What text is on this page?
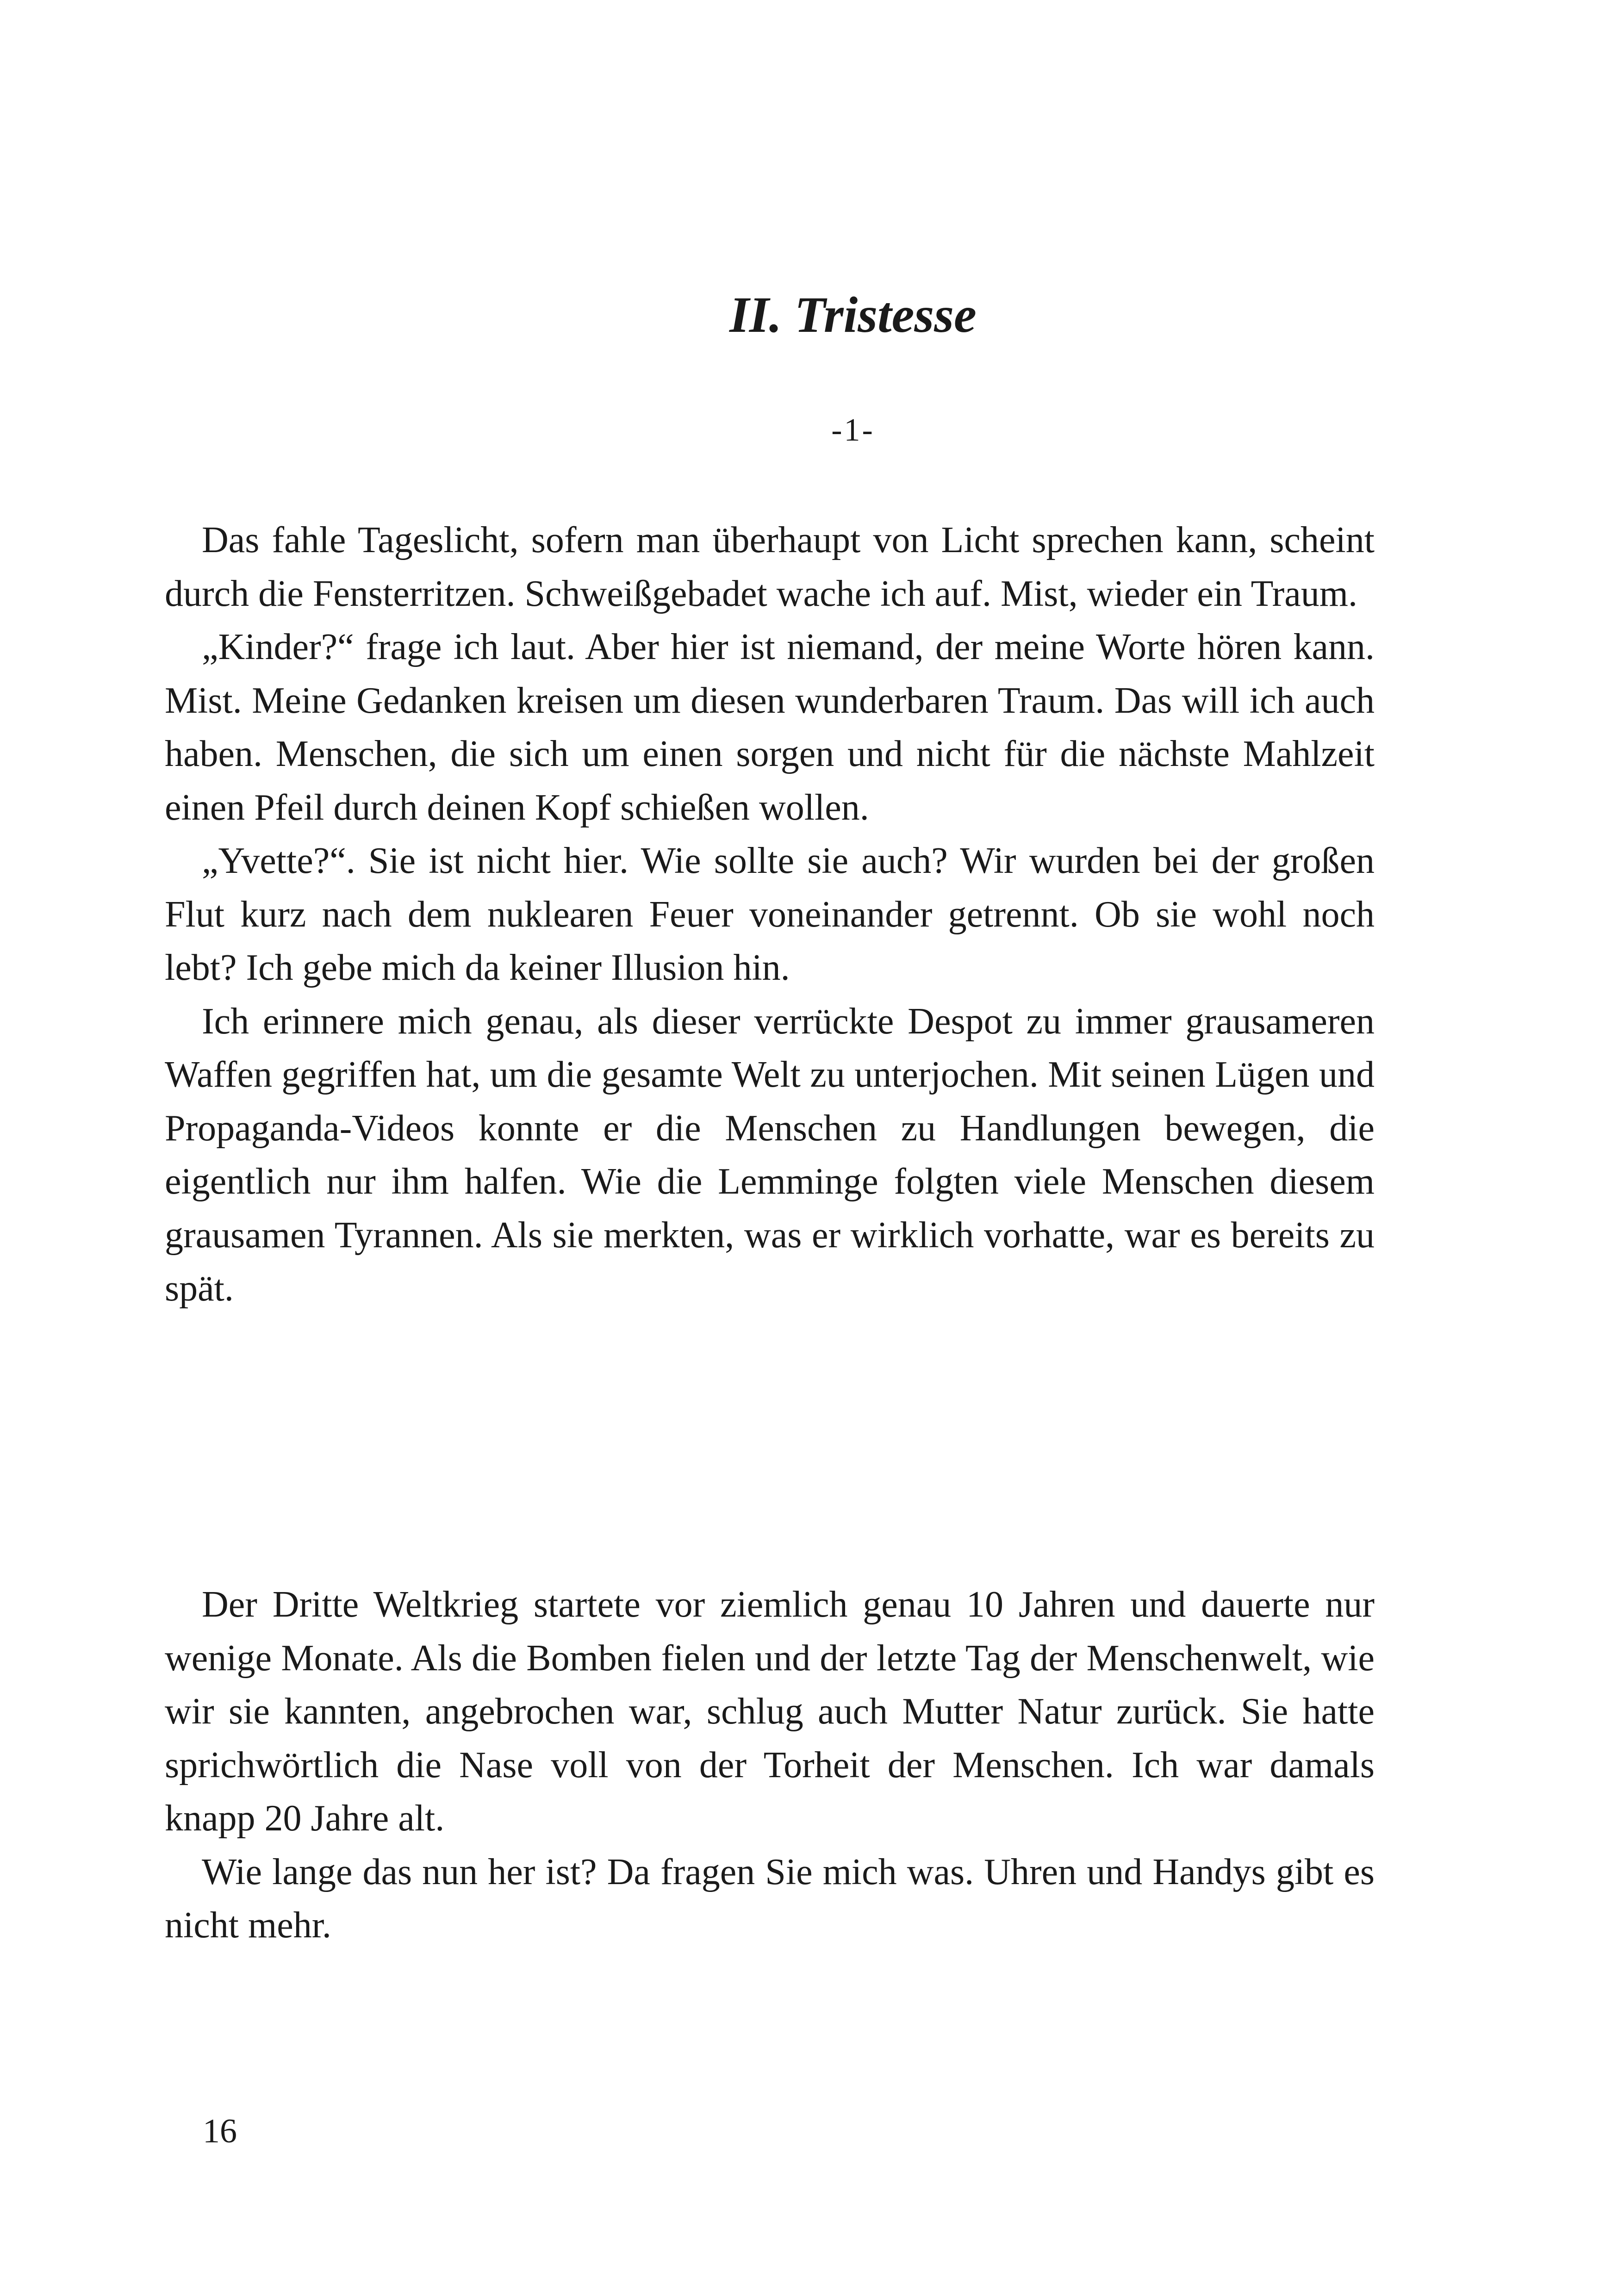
II. Tristesse
-1-

Das fahle Tageslicht, sofern man überhaupt von Licht sprechen kann, scheint durch die Fensterritzen. Schweißgebadet wache ich auf. Mist, wieder ein Traum.

„Kinder?“ frage ich laut. Aber hier ist niemand, der meine Worte hören kann. Mist. Meine Gedanken kreisen um diesen wunderbaren Traum. Das will ich auch haben. Menschen, die sich um einen sorgen und nicht für die nächste Mahlzeit einen Pfeil durch deinen Kopf schießen wollen.

„Yvette?“. Sie ist nicht hier. Wie sollte sie auch? Wir wurden bei der großen Flut kurz nach dem nuklearen Feuer voneinander getrennt. Ob sie wohl noch lebt? Ich gebe mich da keiner Illusion hin.

Ich erinnere mich genau, als dieser verrückte Despot zu immer grausameren Waffen gegriffen hat, um die gesamte Welt zu unterjochen. Mit seinen Lügen und Propaganda-Videos konnte er die Menschen zu Handlungen bewegen, die eigentlich nur ihm halfen. Wie die Lemminge folgten viele Menschen diesem grausamen Tyrannen. Als sie merkten, was er wirklich vorhatte, war es bereits zu spät.

Der Dritte Weltkrieg startete vor ziemlich genau 10 Jahren und dauerte nur wenige Monate. Als die Bomben fielen und der letzte Tag der Menschenwelt, wie wir sie kannten, angebrochen war, schlug auch Mutter Natur zurück. Sie hatte sprichwörtlich die Nase voll von der Torheit der Menschen. Ich war damals knapp 20 Jahre alt.

Wie lange das nun her ist? Da fragen Sie mich was. Uhren und Handys gibt es nicht mehr.

16
